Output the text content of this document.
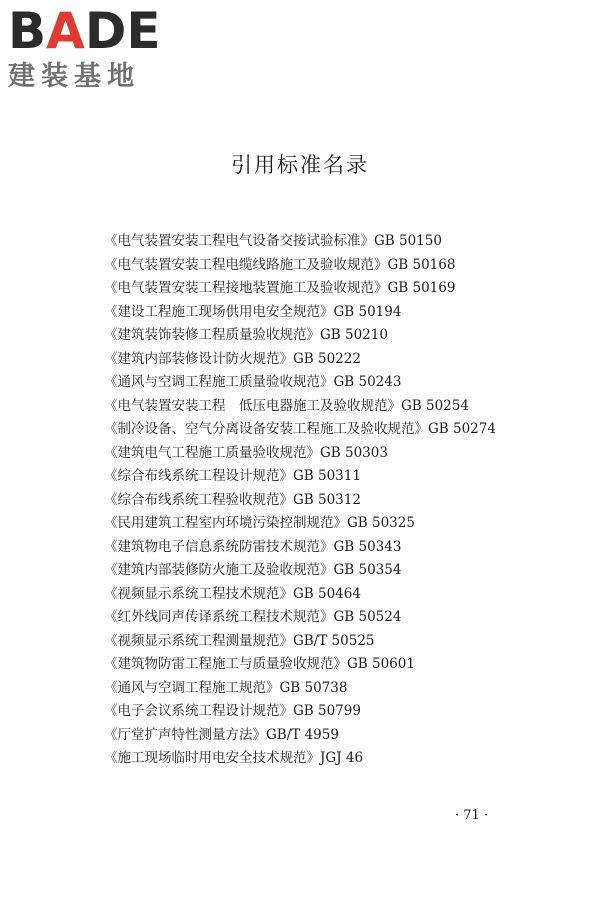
BADE
建装基地
引用标准名录
《电气装置安装工程电气设备交接试验标准》GB 50150
《电气装置安装工程电缆线路施工及验收规范》GB 50168
《电气装置安装工程接地装置施工及验收规范》GB 50169
《建设工程施工现场供用电安全规范》GB 50194
《建筑装饰装修工程质量验收规范》GB 50210
《建筑内部装修设计防火规范》GB 50222
《通风与空调工程施工质量验收规范》GB 50243
《电气装置安装工程　低压电器施工及验收规范》GB 50254
《制冷设备、空气分离设备安装工程施工及验收规范》GB 50274
《建筑电气工程施工质量验收规范》GB 50303
《综合布线系统工程设计规范》GB 50311
《综合布线系统工程验收规范》GB 50312
《民用建筑工程室内环境污染控制规范》GB 50325
《建筑物电子信息系统防雷技术规范》GB 50343
《建筑内部装修防火施工及验收规范》GB 50354
《视频显示系统工程技术规范》GB 50464
《红外线同声传译系统工程技术规范》GB 50524
《视频显示系统工程测量规范》GB/T 50525
《建筑物防雷工程施工与质量验收规范》GB 50601
《通风与空调工程施工规范》GB 50738
《电子会议系统工程设计规范》GB 50799
《厅堂扩声特性测量方法》GB/T 4959
《施工现场临时用电安全技术规范》JGJ 46
· 71 ·
